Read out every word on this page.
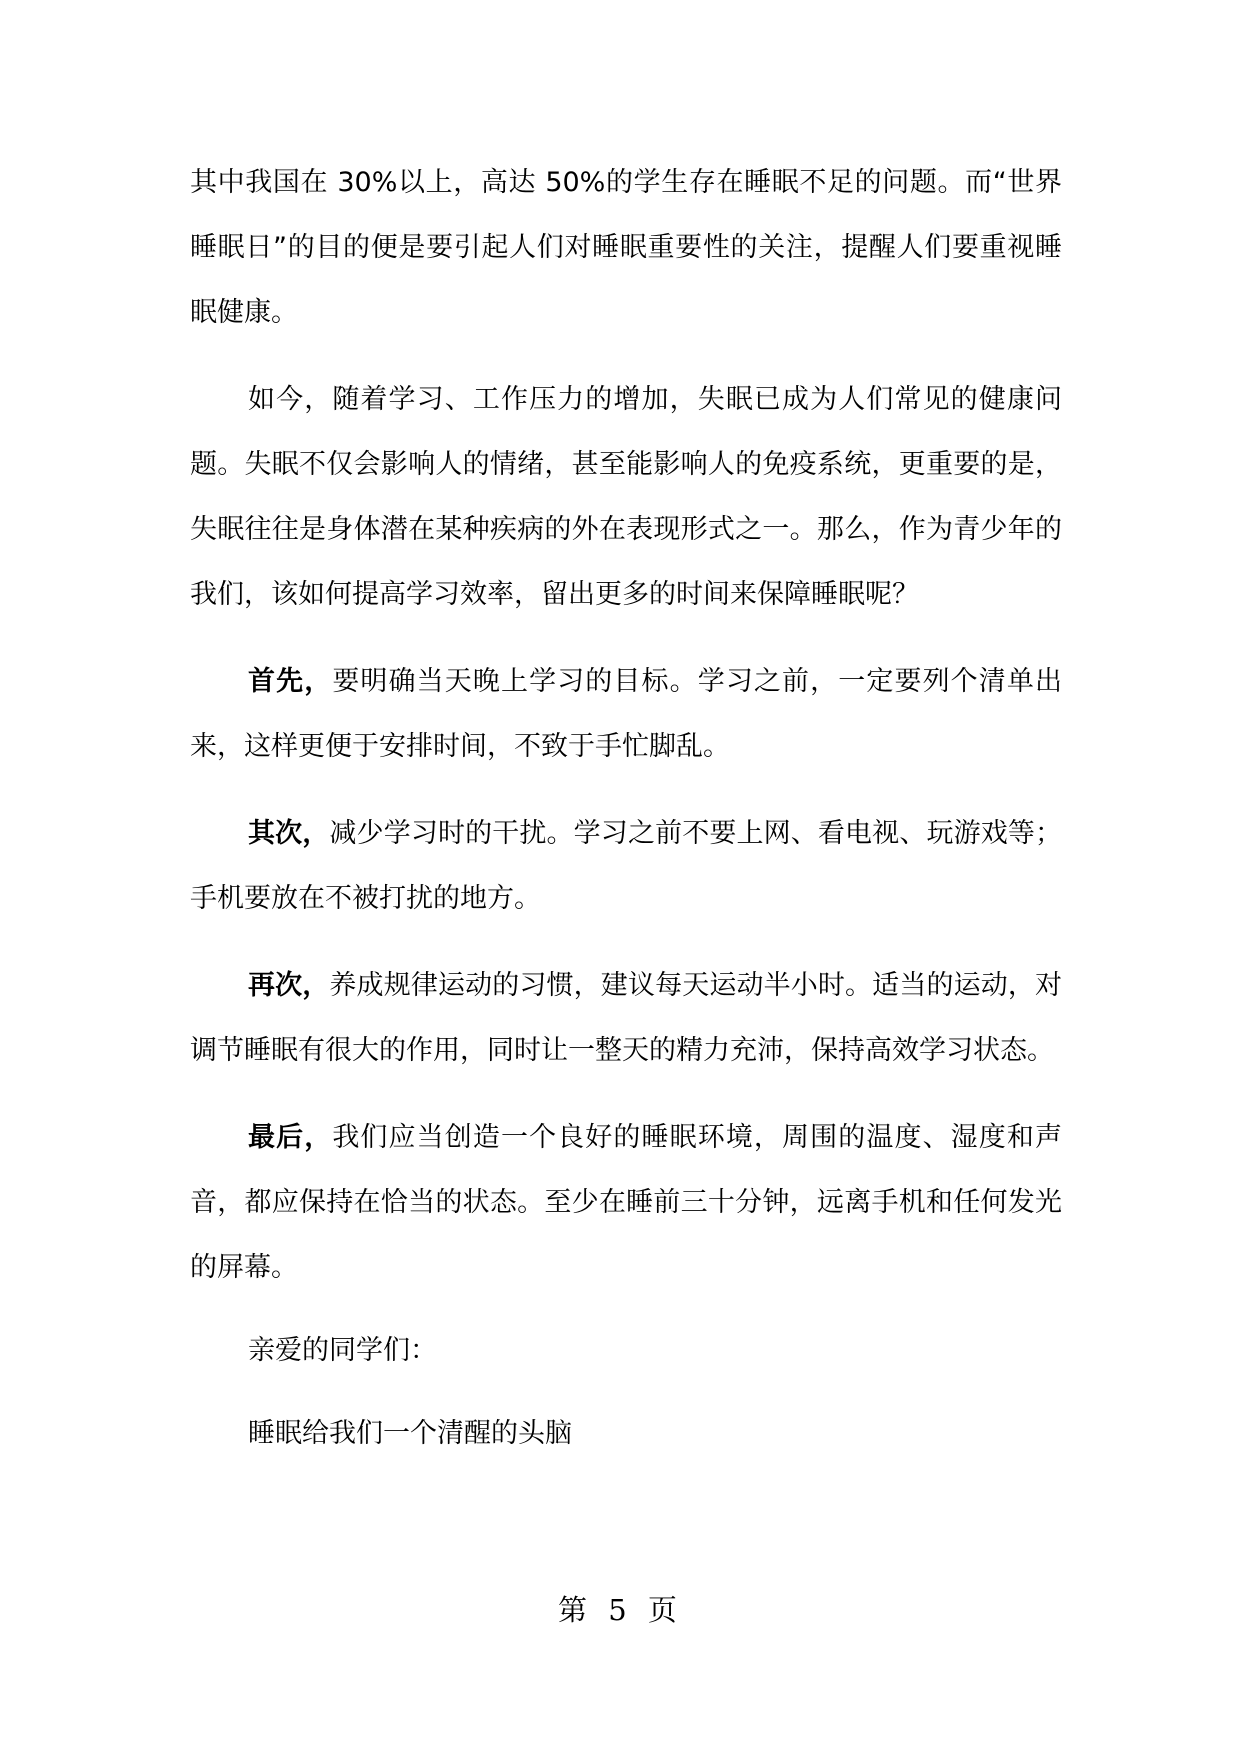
其中我国在 30%以上，高达 50%的学生存在睡眠不足的问题。而“世界睡眠日”的目的便是要引起人们对睡眠重要性的关注，提醒人们要重视睡眠健康。

如今，随着学习、工作压力的增加，失眠已成为人们常见的健康问题。失眠不仅会影响人的情绪，甚至能影响人的免疫系统，更重要的是，失眠往往是身体潜在某种疾病的外在表现形式之一。那么，作为青少年的我们，该如何提高学习效率，留出更多的时间来保障睡眠呢？

首先，要明确当天晚上学习的目标。学习之前，一定要列个清单出来，这样更便于安排时间，不致于手忙脚乱。

其次，减少学习时的干扰。学习之前不要上网、看电视、玩游戏等；手机要放在不被打扰的地方。

再次，养成规律运动的习惯，建议每天运动半小时。适当的运动，对调节睡眠有很大的作用，同时让一整天的精力充沛，保持高效学习状态。

最后，我们应当创造一个良好的睡眠环境，周围的温度、湿度和声音，都应保持在恰当的状态。至少在睡前三十分钟，远离手机和任何发光的屏幕。

亲爱的同学们：

睡眠给我们一个清醒的头脑

第 5 页
